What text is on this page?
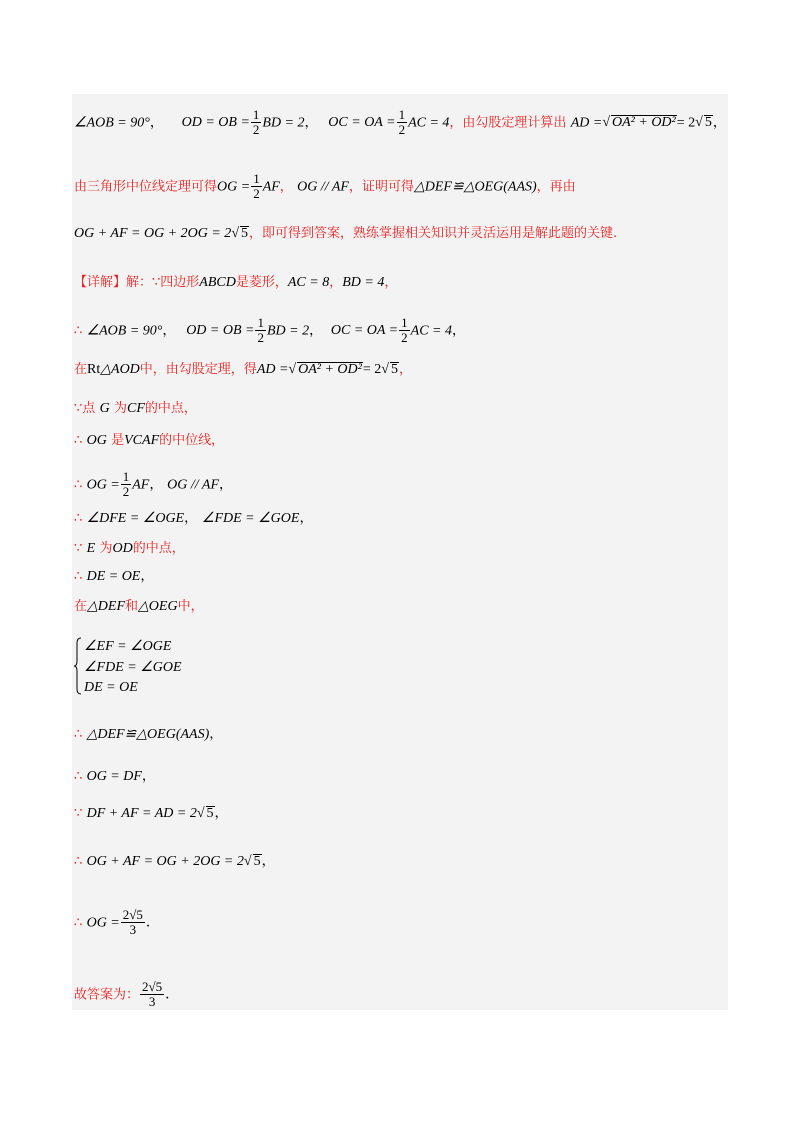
∠AOB = 90°， OD = OB = $\frac{1}{2}$ BD = 2， OC = OA = $\frac{1}{2}$ AC = 4，由勾股定理计算出 AD =√ OA² + OD²= 2√ 5，
由三角形中位线定理可得OG = $\frac{1}{2}$ AF， OG // AF，证明可得△DEF≌△OEG(AAS)，再由
OG + AF = OG + 2OG = 2√ 5，即可得到答案，熟练掌握相关知识并灵活运用是解此题的关键.
【详解】解：∵四边形ABCD是菱形，AC = 8，BD = 4，
∴ ∠AOB = 90°， OD = OB = $\frac{1}{2}$ BD = 2， OC = OA = $\frac{1}{2}$ AC = 4，
在Rt△AOD中，由勾股定理，得AD =√ OA² + OD²= 2√ 5，
∵点 G 为CF的中点，
∴ OG 是VCAF的中位线，
∴ OG = $\frac{1}{2}$ AF， OG // AF，
∴ ∠DFE = ∠OGE， ∠FDE = ∠GOE，
∵ E 为OD的中点，
∴ DE = OE，
在△DEF和△OEG中，
∠EF = ∠OGE
∠FDE = ∠GOE
DE = OE
∴ △DEF≌△OEG(AAS)，
∴ OG = DF，
∵ DF + AF = AD = 2√ 5，
∴ OG + AF = OG + 2OG = 2√ 5，
∴ OG = $\frac{2√5}{3}$ .
故答案为： $\frac{2√5}{3}$ .
